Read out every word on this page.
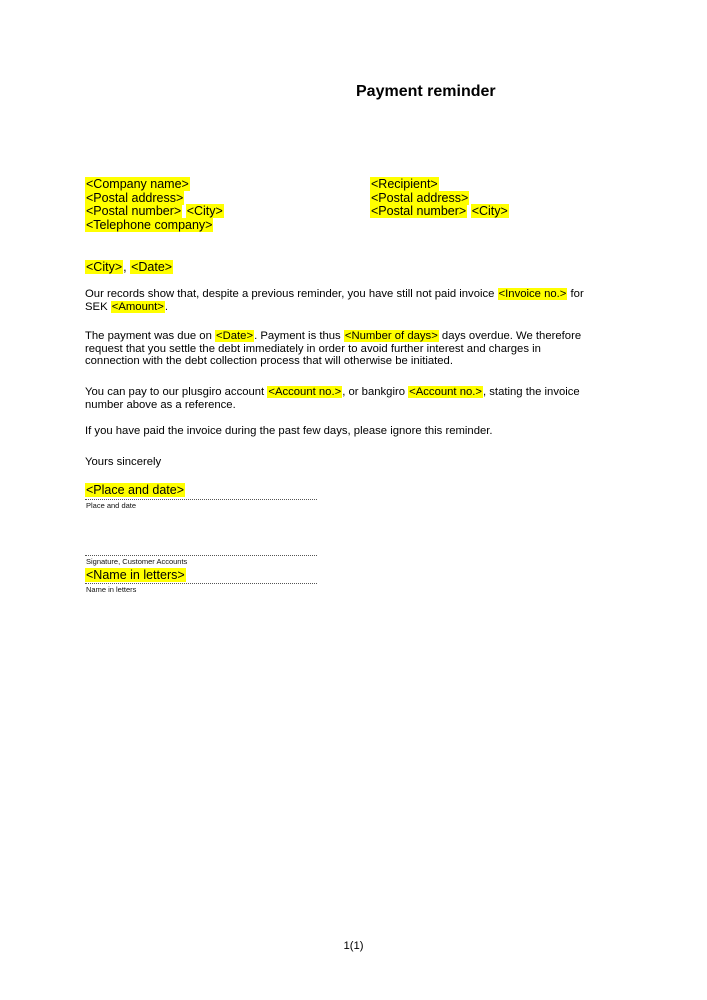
Payment reminder
<Company name>
<Postal address>
<Postal number> <City>
<Telephone company>
<Recipient>
<Postal address>
<Postal number> <City>
<City>, <Date>
Our records show that, despite a previous reminder, you have still not paid invoice <Invoice no.> for
SEK <Amount>.
The payment was due on <Date>. Payment is thus <Number of days> days overdue. We therefore
request that you settle the debt immediately in order to avoid further interest and charges in
connection with the debt collection process that will otherwise be initiated.
You can pay to our plusgiro account <Account no.>, or bankgiro <Account no.>, stating the invoice
number above as a reference.
If you have paid the invoice during the past few days, please ignore this reminder.
Yours sincerely
<Place and date>
Place and date
Signature, Customer Accounts
<Name in letters>
Name in letters
1(1)
